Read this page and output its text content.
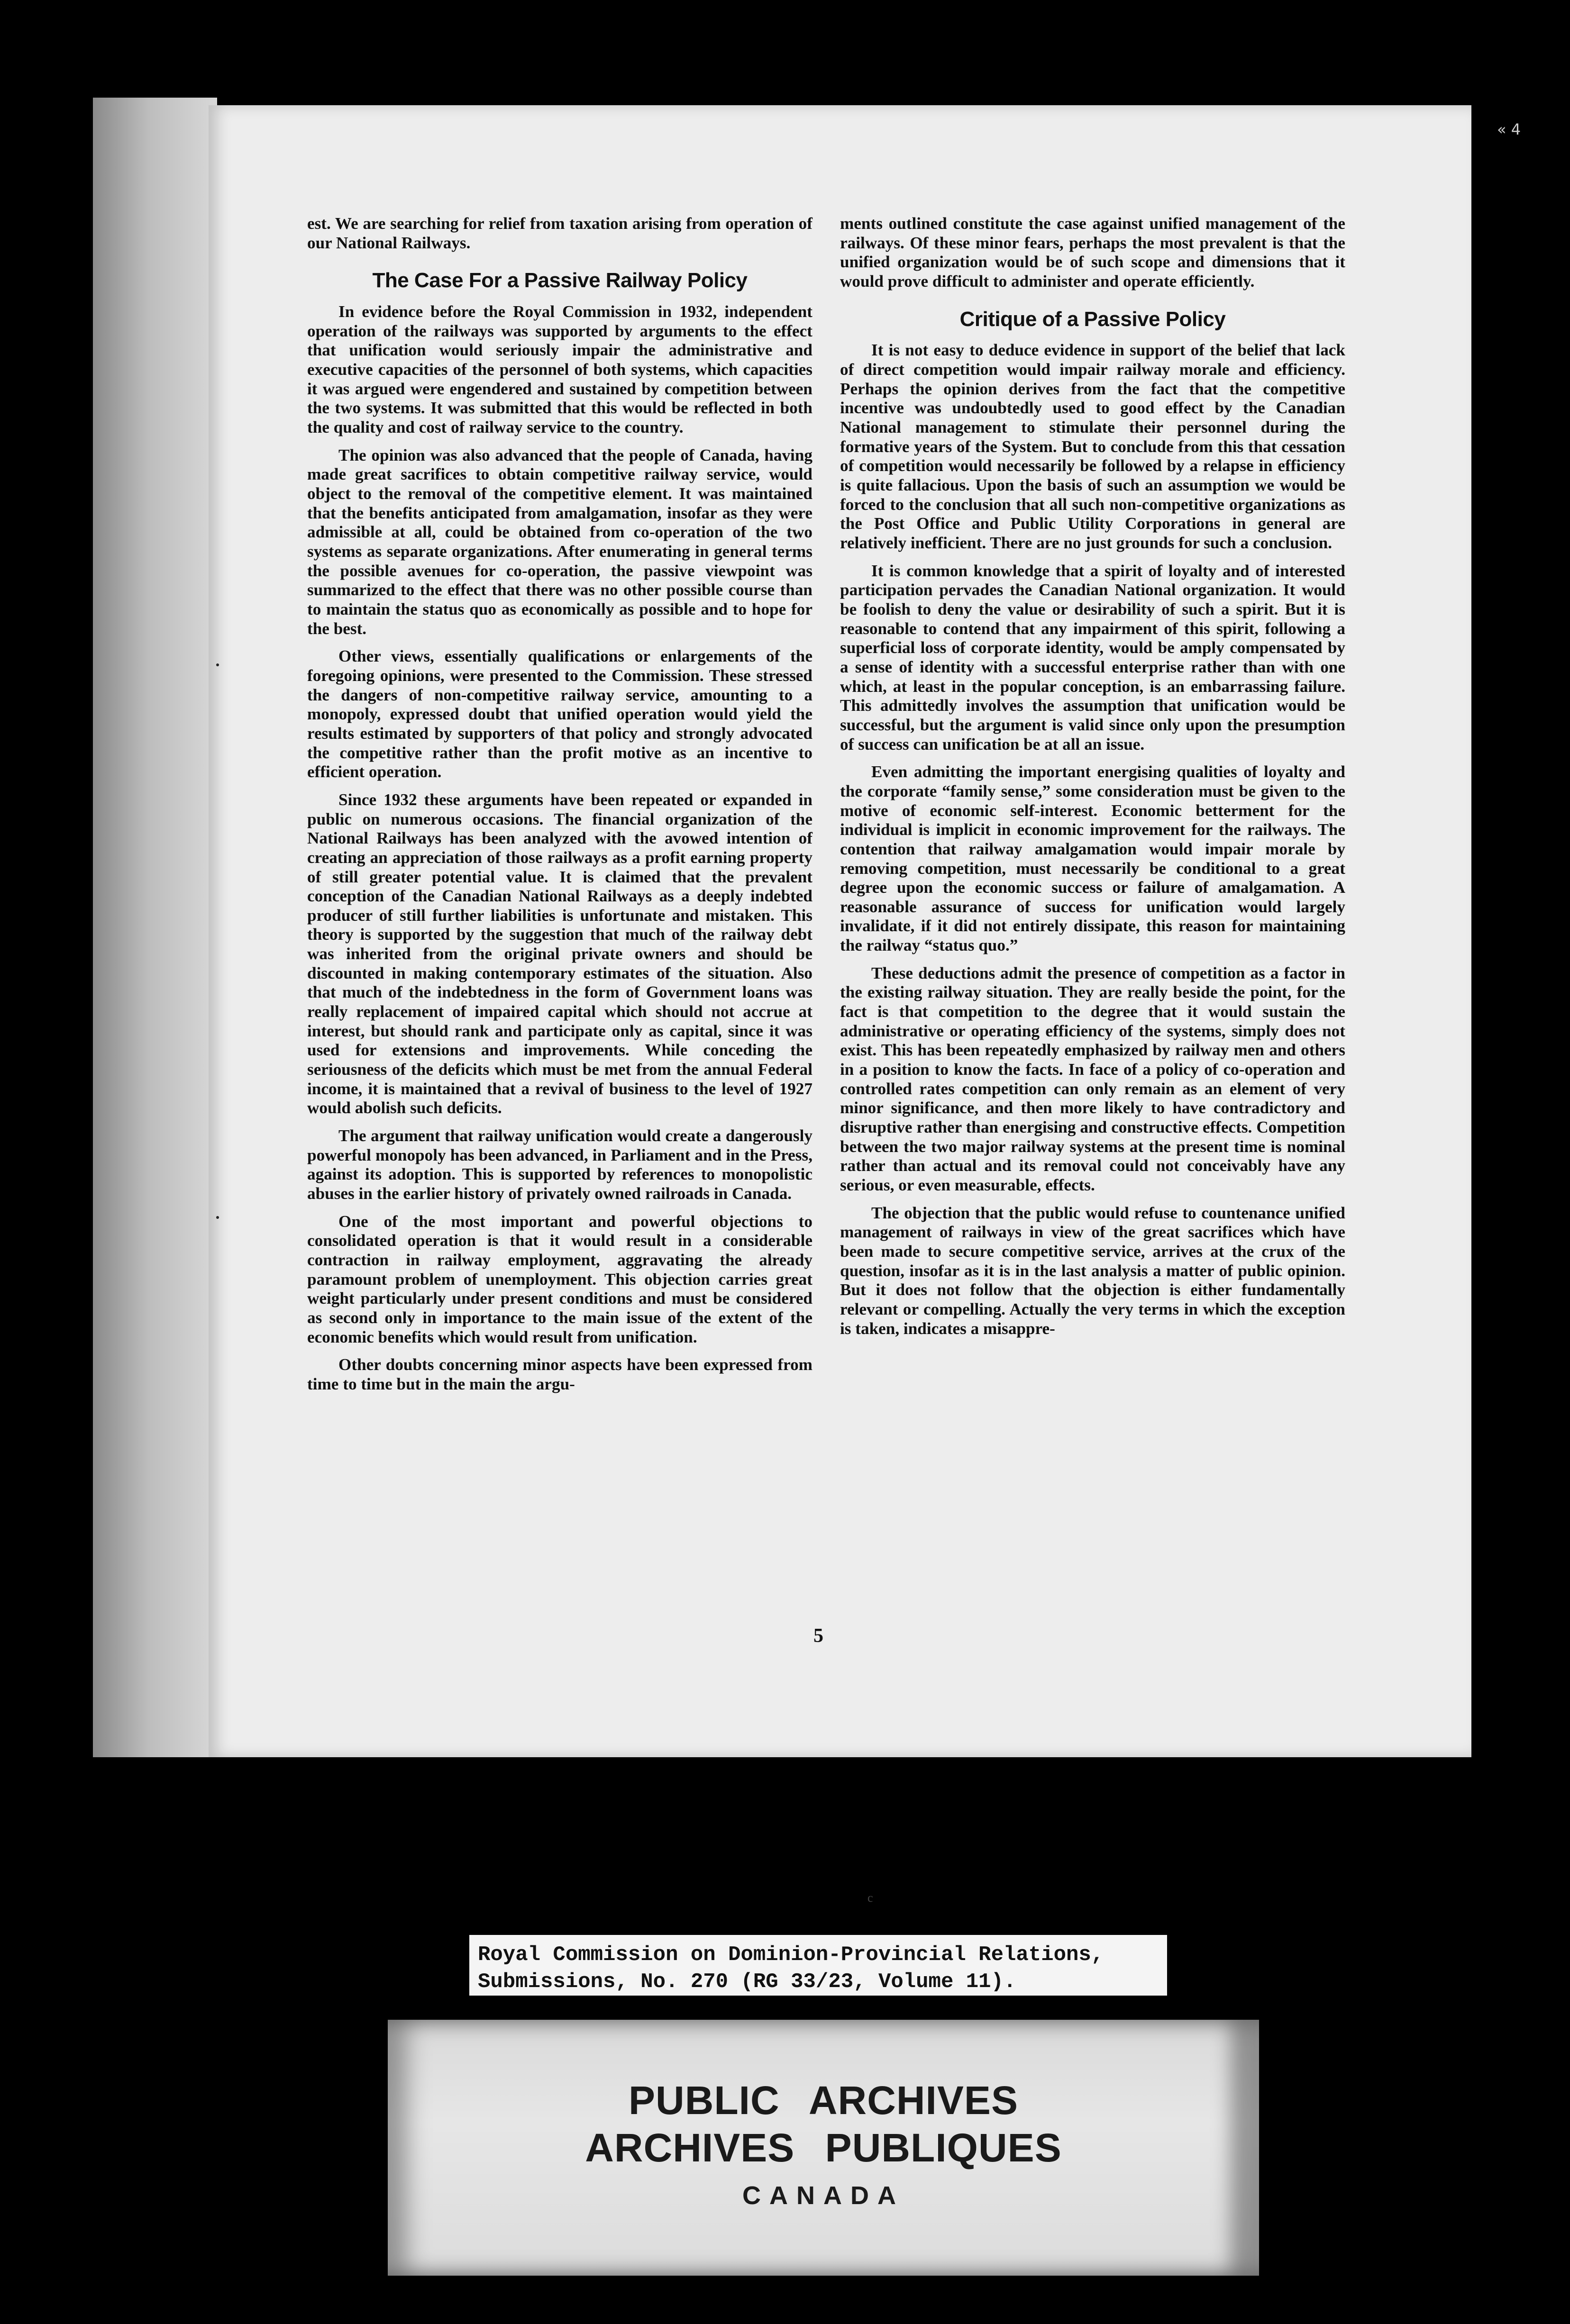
est. We are searching for relief from taxation arising from operation of our National Railways.

The Case For a Passive Railway Policy

In evidence before the Royal Commission in 1932, independent operation of the railways was supported by arguments to the effect that unification would seriously impair the administrative and executive capacities of the personnel of both systems, which capacities it was argued were engendered and sustained by competition between the two systems. It was submitted that this would be reflected in both the quality and cost of railway service to the country.

The opinion was also advanced that the people of Canada, having made great sacrifices to obtain competitive railway service, would object to the removal of the competitive element. It was maintained that the benefits anticipated from amalgamation, insofar as they were admissible at all, could be obtained from co-operation of the two systems as separate organizations. After enumerating in general terms the possible avenues for co-operation, the passive viewpoint was summarized to the effect that there was no other possible course than to maintain the status quo as economically as possible and to hope for the best.

Other views, essentially qualifications or enlargements of the foregoing opinions, were presented to the Commission. These stressed the dangers of non-competitive railway service, amounting to a monopoly, expressed doubt that unified operation would yield the results estimated by supporters of that policy and strongly advocated the competitive rather than the profit motive as an incentive to efficient operation.

Since 1932 these arguments have been repeated or expanded in public on numerous occasions. The financial organization of the National Railways has been analyzed with the avowed intention of creating an appreciation of those railways as a profit earning property of still greater potential value. It is claimed that the prevalent conception of the Canadian National Railways as a deeply indebted producer of still further liabilities is unfortunate and mistaken. This theory is supported by the suggestion that much of the railway debt was inherited from the original private owners and should be discounted in making contemporary estimates of the situation. Also that much of the indebtedness in the form of Government loans was really replacement of impaired capital which should not accrue at interest, but should rank and participate only as capital, since it was used for extensions and improvements. While conceding the seriousness of the deficits which must be met from the annual Federal income, it is maintained that a revival of business to the level of 1927 would abolish such deficits.

The argument that railway unification would create a dangerously powerful monopoly has been advanced, in Parliament and in the Press, against its adoption. This is supported by references to monopolistic abuses in the earlier history of privately owned railroads in Canada.

One of the most important and powerful objections to consolidated operation is that it would result in a considerable contraction in railway employment, aggravating the already paramount problem of unemployment. This objection carries great weight particularly under present conditions and must be considered as second only in importance to the main issue of the extent of the economic benefits which would result from unification.

Other doubts concerning minor aspects have been expressed from time to time but in the main the argu-

ments outlined constitute the case against unified management of the railways. Of these minor fears, perhaps the most prevalent is that the unified organization would be of such scope and dimensions that it would prove difficult to administer and operate efficiently.

Critique of a Passive Policy

It is not easy to deduce evidence in support of the belief that lack of direct competition would impair railway morale and efficiency. Perhaps the opinion derives from the fact that the competitive incentive was undoubtedly used to good effect by the Canadian National management to stimulate their personnel during the formative years of the System. But to conclude from this that cessation of competition would necessarily be followed by a relapse in efficiency is quite fallacious. Upon the basis of such an assumption we would be forced to the conclusion that all such non-competitive organizations as the Post Office and Public Utility Corporations in general are relatively inefficient. There are no just grounds for such a conclusion.

It is common knowledge that a spirit of loyalty and of interested participation pervades the Canadian National organization. It would be foolish to deny the value or desirability of such a spirit. But it is reasonable to contend that any impairment of this spirit, following a superficial loss of corporate identity, would be amply compensated by a sense of identity with a successful enterprise rather than with one which, at least in the popular conception, is an embarrassing failure. This admittedly involves the assumption that unification would be successful, but the argument is valid since only upon the presumption of success can unification be at all an issue.

Even admitting the important energising qualities of loyalty and the corporate “family sense,” some consideration must be given to the motive of economic self-interest. Economic betterment for the individual is implicit in economic improvement for the railways. The contention that railway amalgamation would impair morale by removing competition, must necessarily be conditional to a great degree upon the economic success or failure of amalgamation. A reasonable assurance of success for unification would largely invalidate, if it did not entirely dissipate, this reason for maintaining the railway “status quo.”

These deductions admit the presence of competition as a factor in the existing railway situation. They are really beside the point, for the fact is that competition to the degree that it would sustain the administrative or operating efficiency of the systems, simply does not exist. This has been repeatedly emphasized by railway men and others in a position to know the facts. In face of a policy of co-operation and controlled rates competition can only remain as an element of very minor significance, and then more likely to have contradictory and disruptive rather than energising and constructive effects. Competition between the two major railway systems at the present time is nominal rather than actual and its removal could not conceivably have any serious, or even measurable, effects.

The objection that the public would refuse to countenance unified management of railways in view of the great sacrifices which have been made to secure competitive service, arrives at the crux of the question, insofar as it is in the last analysis a matter of public opinion. But it does not follow that the objection is either fundamentally relevant or compelling. Actually the very terms in which the exception is taken, indicates a misappre-

5
« 4
c
Royal Commission on Dominion-Provincial Relations,
Submissions, No. 270 (RG 33/23, Volume 11).
PUBLIC ARCHIVES
ARCHIVES PUBLIQUES
CANADA
